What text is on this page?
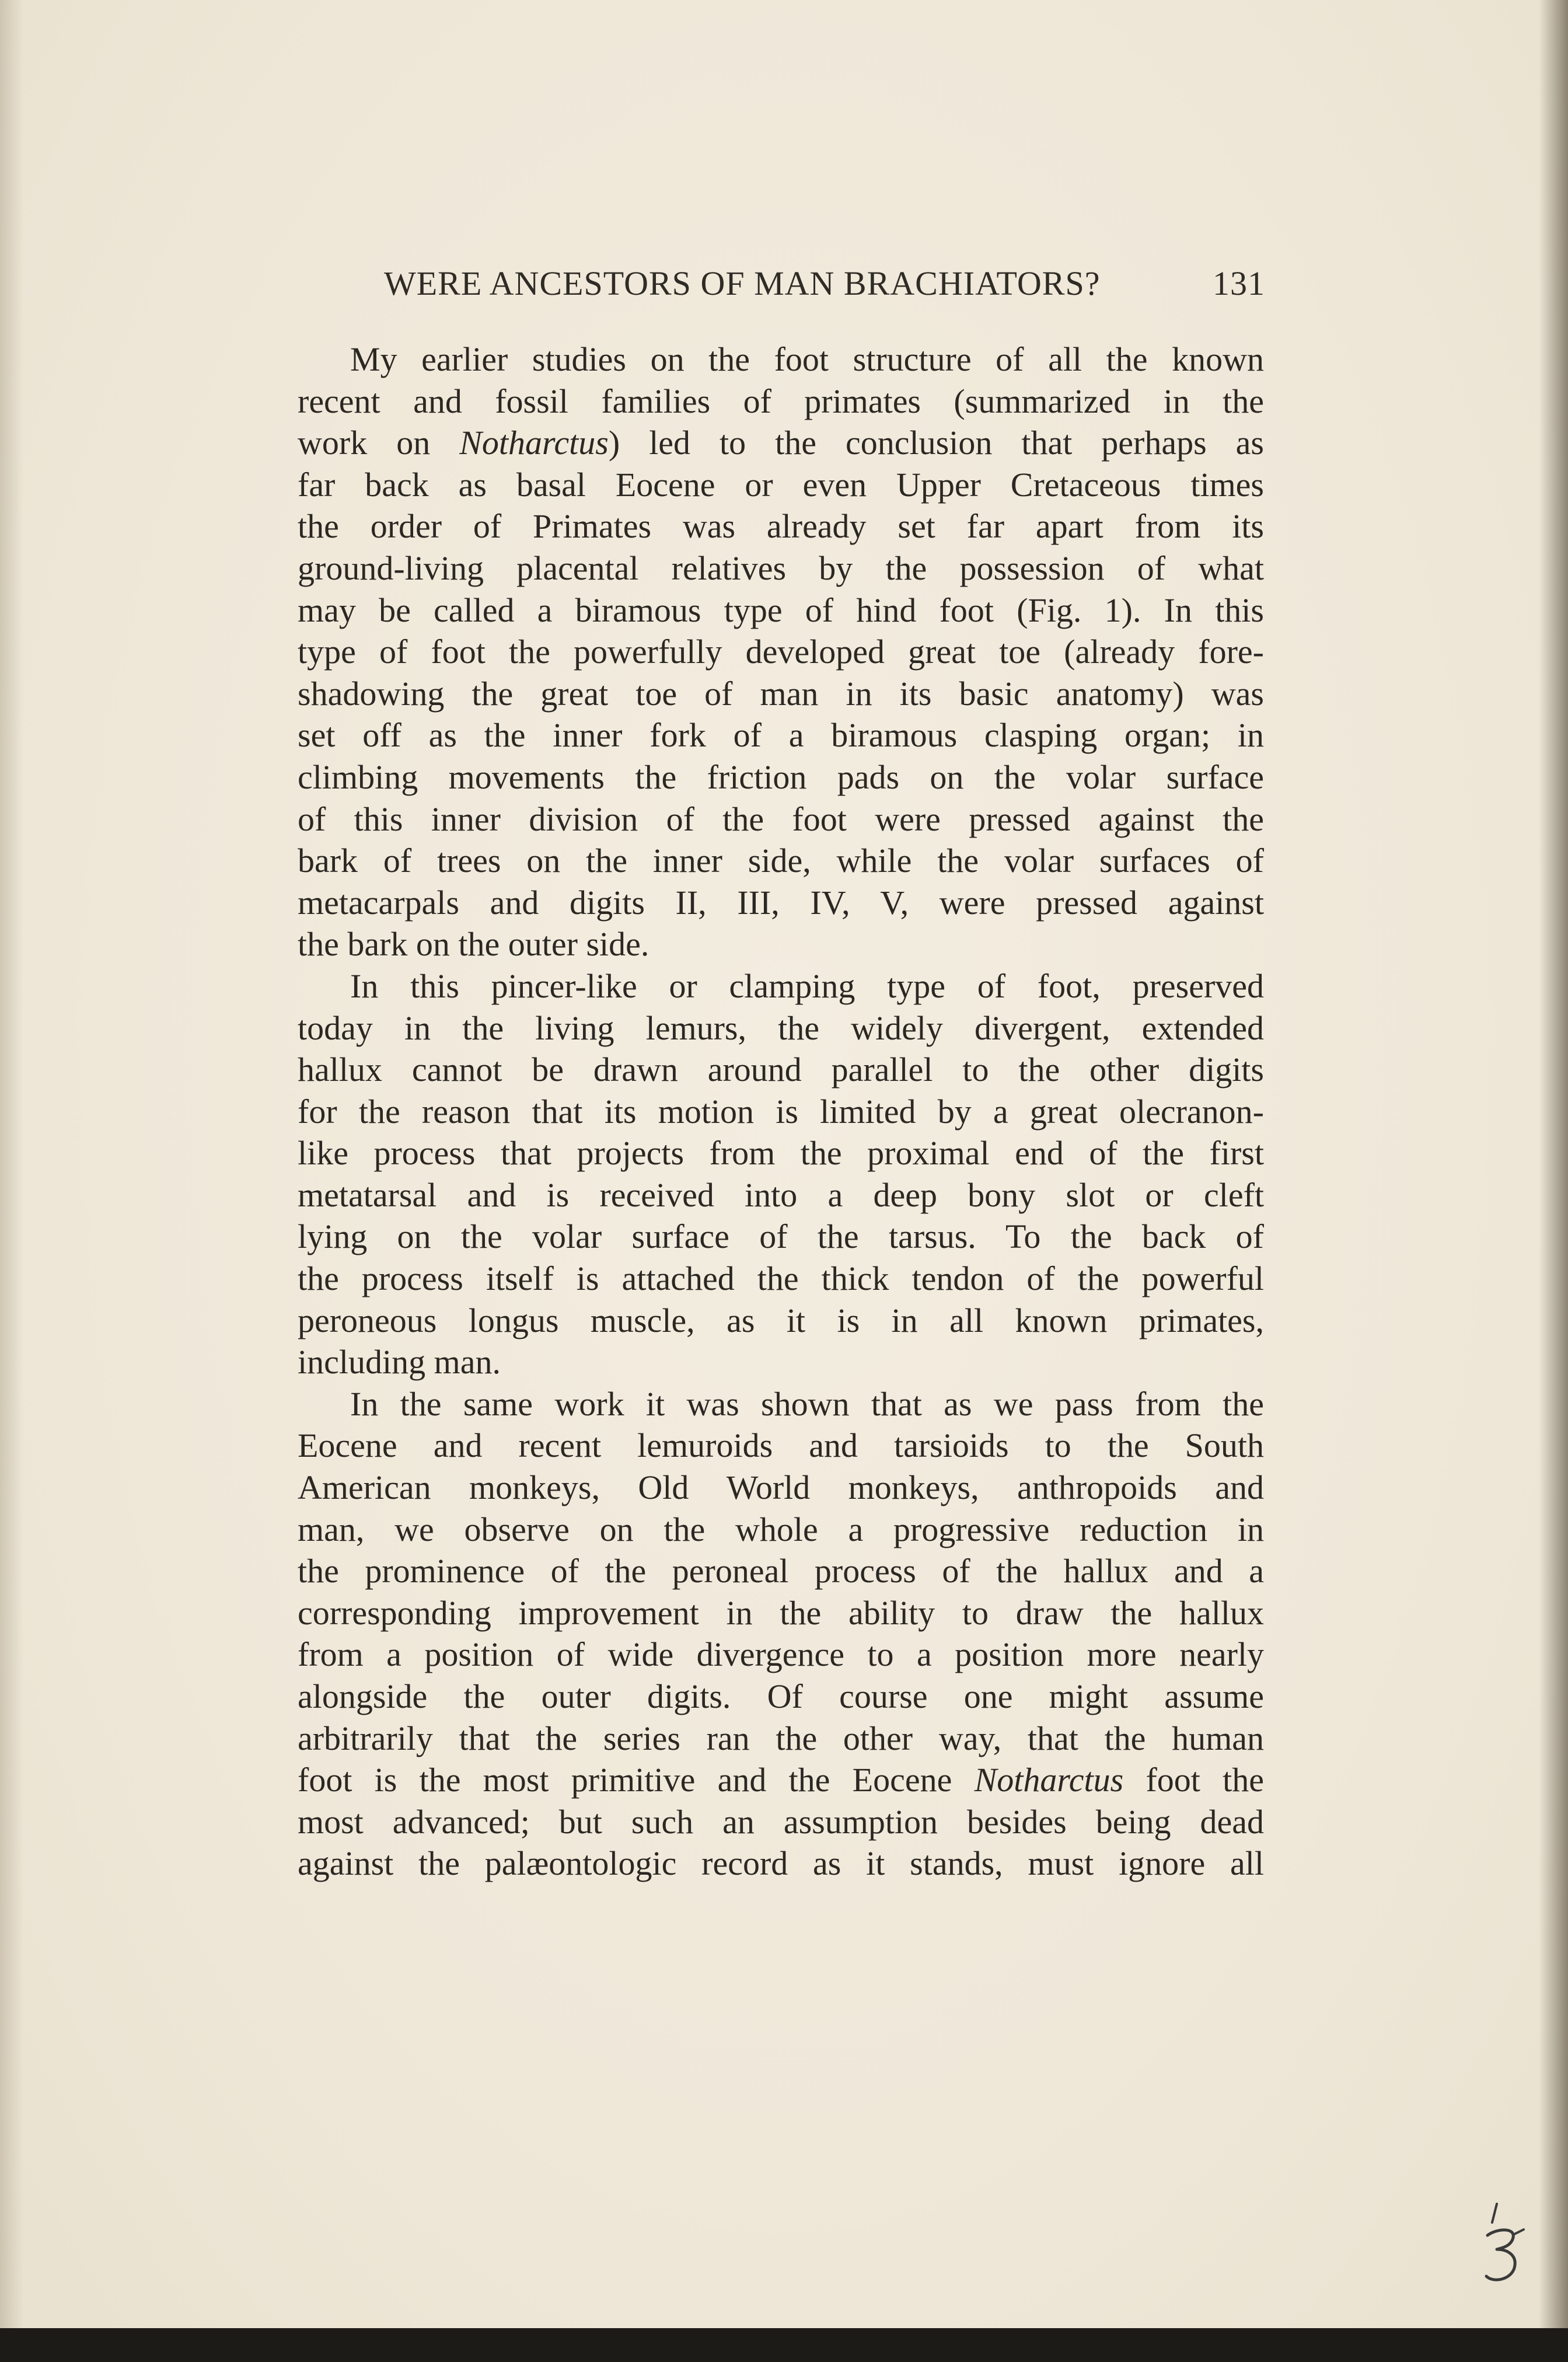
WERE ANCESTORS OF MAN BRACHIATORS?	131
My earlier studies on the foot structure of all the known
recent and fossil families of primates (summarized in the
work on Notharctus) led to the conclusion that perhaps as
far back as basal Eocene or even Upper Cretaceous times
the order of Primates was already set far apart from its
ground-living placental relatives by the possession of what
may be called a biramous type of hind foot (Fig. 1). In this
type of foot the powerfully developed great toe (already fore-
shadowing the great toe of man in its basic anatomy) was
set off as the inner fork of a biramous clasping organ; in
climbing movements the friction pads on the volar surface
of this inner division of the foot were pressed against the
bark of trees on the inner side, while the volar surfaces of
metacarpals and digits II, III, IV, V, were pressed against
the bark on the outer side.
In this pincer-like or clamping type of foot, preserved
today in the living lemurs, the widely divergent, extended
hallux cannot be drawn around parallel to the other digits
for the reason that its motion is limited by a great olecranon-
like process that projects from the proximal end of the first
metatarsal and is received into a deep bony slot or cleft
lying on the volar surface of the tarsus. To the back of
the process itself is attached the thick tendon of the powerful
peroneous longus muscle, as it is in all known primates,
including man.
In the same work it was shown that as we pass from the
Eocene and recent lemuroids and tarsioids to the South
American monkeys, Old World monkeys, anthropoids and
man, we observe on the whole a progressive reduction in
the prominence of the peroneal process of the hallux and a
corresponding improvement in the ability to draw the hallux
from a position of wide divergence to a position more nearly
alongside the outer digits. Of course one might assume
arbitrarily that the series ran the other way, that the human
foot is the most primitive and the Eocene Notharctus foot the
most advanced; but such an assumption besides being dead
against the palæontologic record as it stands, must ignore all
